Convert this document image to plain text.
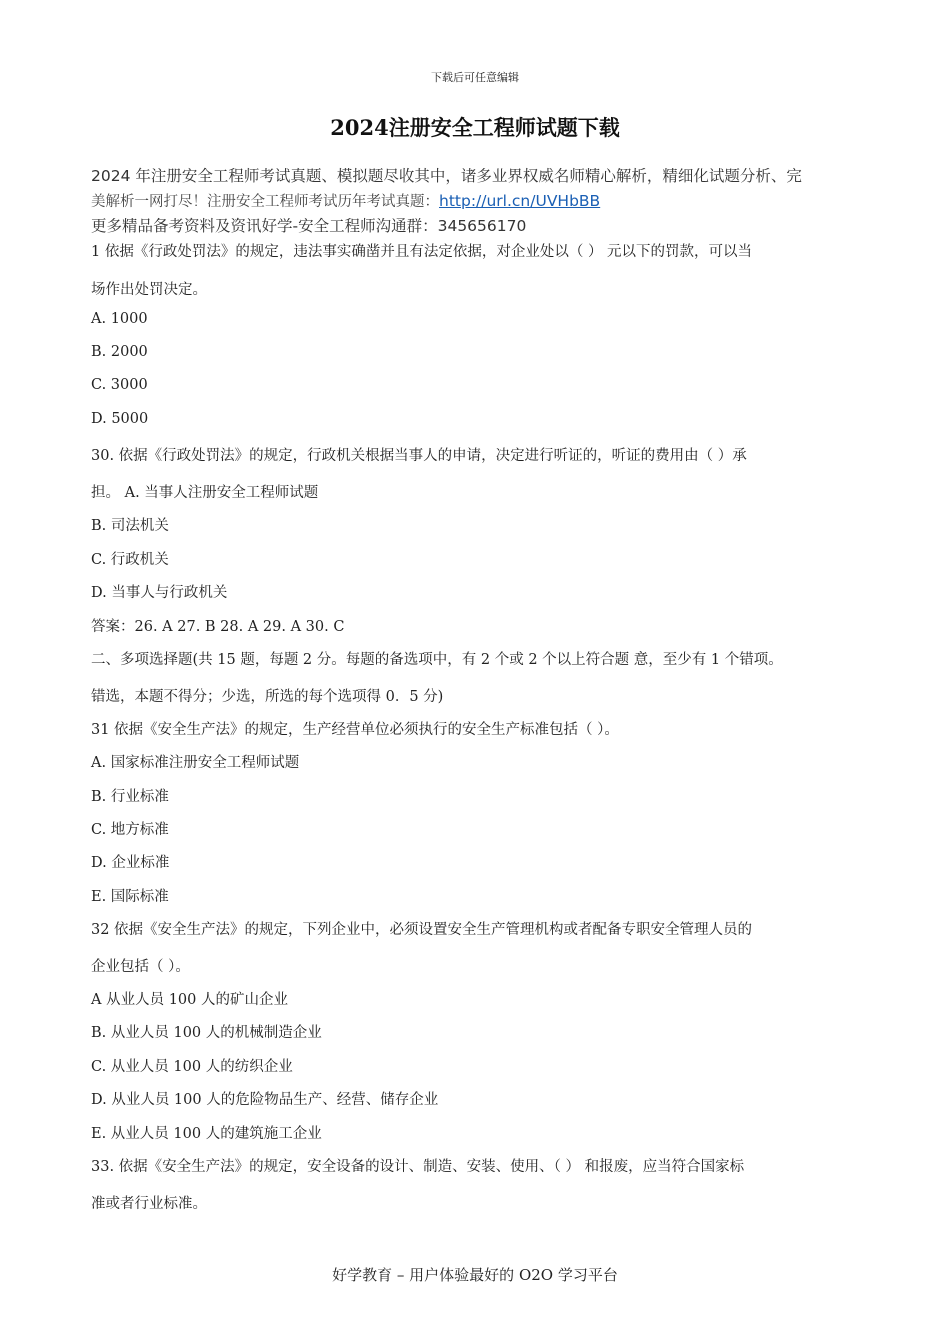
下载后可任意编辑
2024注册安全工程师试题下载
2024 年注册安全工程师考试真题、模拟题尽收其中，诸多业界权威名师精心解析，精细化试题分析、完
美解析一网打尽！注册安全工程师考试历年考试真题：http://url.cn/UVHbBB
更多精品备考资料及资讯好学-安全工程师沟通群：345656170
1 依据《行政处罚法》的规定，违法事实确凿并且有法定依据，对企业处以（ ） 元以下的罚款，可以当
场作出处罚决定。
A. 1000
B. 2000
C. 3000
D. 5000
30. 依据《行政处罚法》的规定，行政机关根据当事人的申请，决定进行听证的，听证的费用由（ ）承
担。 A. 当事人注册安全工程师试题
B. 司法机关
C. 行政机关
D. 当事人与行政机关
答案：26. A 27. B 28. A 29. A 30. C
二、多项选择题(共 15 题，每题 2 分。每题的备选项中，有 2 个或 2 个以上符合题 意，至少有 1 个错项。
错选，本题不得分；少选，所选的每个选项得 0．5 分)
31 依据《安全生产法》的规定，生产经营单位必须执行的安全生产标准包括（ ）。
A. 国家标准注册安全工程师试题
B. 行业标准
C. 地方标准
D. 企业标准
E. 国际标准
32 依据《安全生产法》的规定，下列企业中，必须设置安全生产管理机构或者配备专职安全管理人员的
企业包括（ ）。
A 从业人员 100 人的矿山企业
B. 从业人员 100 人的机械制造企业
C. 从业人员 100 人的纺织企业
D. 从业人员 100 人的危险物品生产、经营、储存企业
E. 从业人员 100 人的建筑施工企业
33. 依据《安全生产法》的规定，安全设备的设计、制造、安装、使用、（ ） 和报废，应当符合国家标
准或者行业标准。
好学教育 – 用户体验最好的 O2O 学习平台
